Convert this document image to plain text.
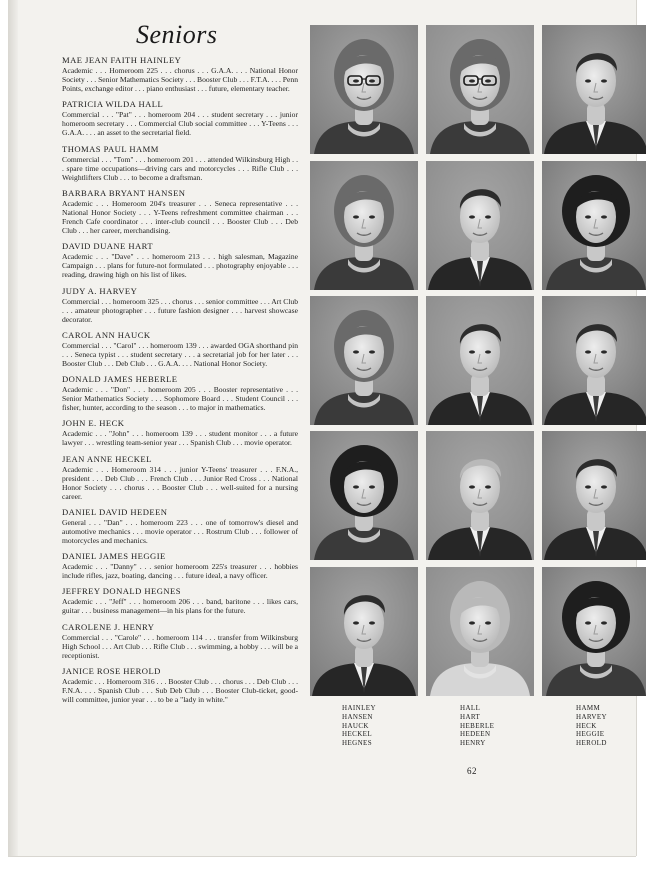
Seniors
MAE JEAN FAITH HAINLEY
Academic . . . Homeroom 225 . . . chorus . . . G.A.A. . . . National Honor Society . . . Senior Mathematics Society . . . Booster Club . . . F.T.A. . . . Penn Points, exchange editor . . . piano enthusiast . . . future, elementary teacher.
PATRICIA WILDA HALL
Commercial . . . "Pat" . . . homeroom 204 . . . student secretary . . . junior homeroom secretary . . . Commercial Club social committee . . . Y-Teens . . . G.A.A. . . . an asset to the secretarial field.
THOMAS PAUL HAMM
Commercial . . . "Tom" . . . homeroom 201 . . . attended Wilkinsburg High . . . spare time occupations—driving cars and motorcycles . . . Rifle Club . . . Weightlifters Club . . . to become a draftsman.
BARBARA BRYANT HANSEN
Academic . . . Homeroom 204's treasurer . . . Seneca representative . . . National Honor Society . . . Y-Teens refreshment committee chairman . . . French Cafe coordinator . . . inter-club council . . . Booster Club . . . Deb Club . . . her career, merchandising.
DAVID DUANE HART
Academic . . . "Dave" . . . homeroom 213 . . . high salesman, Magazine Campaign . . . plans for future-not formulated . . . photography enjoyable . . . reading, drawing high on his list of likes.
JUDY A. HARVEY
Commercial . . . homeroom 325 . . . chorus . . . senior committee . . . Art Club . . . amateur photographer . . . future fashion designer . . . harvest showcase decorator.
CAROL ANN HAUCK
Commercial . . . "Carol" . . . homeroom 139 . . . awarded OGA shorthand pin . . . Seneca typist . . . student secretary . . . a secretarial job for her later . . . Booster Club . . . Deb Club . . . G.A.A. . . . National Honor Society.
DONALD JAMES HEBERLE
Academic . . . "Don" . . . homeroom 205 . . . Booster representative . . . Senior Mathematics Society . . . Sophomore Board . . . Student Council . . . fisher, hunter, according to the season . . . to major in mathematics.
JOHN E. HECK
Academic . . . "John" . . . homeroom 139 . . . student monitor . . . a future lawyer . . . wrestling team-senior year . . . Spanish Club . . . movie operator.
JEAN ANNE HECKEL
Academic . . . Homeroom 314 . . . junior Y-Teens' treasurer . . . F.N.A., president . . . Deb Club . . . French Club . . . Junior Red Cross . . . National Honor Society . . . chorus . . . Booster Club . . . well-suited for a nursing career.
DANIEL DAVID HEDEEN
General . . . "Dan" . . . homeroom 223 . . . one of tomorrow's diesel and automotive mechanics . . . movie operator . . . Rostrum Club . . . follower of motorcycles and mechanics.
DANIEL JAMES HEGGIE
Academic . . . "Danny" . . . senior homeroom 225's treasurer . . . hobbies include rifles, jazz, boating, dancing . . . future ideal, a navy officer.
JEFFREY DONALD HEGNES
Academic . . . "Jeff" . . . homeroom 206 . . . band, baritone . . . likes cars, guitar . . . business management—in his plans for the future.
CAROLENE J. HENRY
Commercial . . . "Carole" . . . homeroom 114 . . . transfer from Wilkinsburg High School . . . Art Club . . . Rifle Club . . . swimming, a hobby . . . will be a receptionist.
JANICE ROSE HEROLD
Academic . . . Homeroom 316 . . . Booster Club . . . chorus . . . Deb Club . . . F.N.A. . . . Spanish Club . . . Sub Deb Club . . . Booster Club-ticket, good-will committee, junior year . . . to be a "lady in white."
HAINLEY
HANSEN
HAUCK
HECKEL
HEGNES
HALL
HART
HEBERLE
HEDEEN
HENRY
HAMM
HARVEY
HECK
HEGGIE
HEROLD
62
